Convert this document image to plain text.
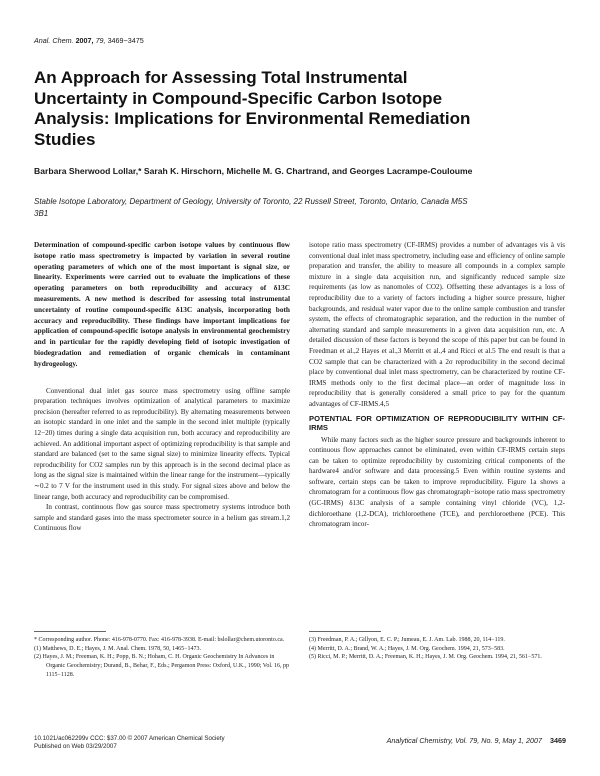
Anal. Chem. 2007, 79, 3469−3475
An Approach for Assessing Total Instrumental Uncertainty in Compound-Specific Carbon Isotope Analysis: Implications for Environmental Remediation Studies
Barbara Sherwood Lollar,* Sarah K. Hirschorn, Michelle M. G. Chartrand, and Georges Lacrampe-Couloume
Stable Isotope Laboratory, Department of Geology, University of Toronto, 22 Russell Street, Toronto, Ontario, Canada M5S 3B1

Determination of compound-specific carbon isotope values by continuous flow isotope ratio mass spectrometry is impacted by variation in several routine operating parameters of which one of the most important is signal size, or linearity. Experiments were carried out to evaluate the implications of these operating parameters on both reproducibility and accuracy of δ13C measurements. A new method is described for assessing total instrumental uncertainty of routine compound-specific δ13C analysis, incorporating both accuracy and reproducibility. These findings have important implications for application of compound-specific isotope analysis in environmental geochemistry and in particular for the rapidly developing field of isotopic investigation of biodegradation and remediation of organic chemicals in contaminant hydrogeology.

Conventional dual inlet gas source mass spectrometry using offline sample preparation techniques involves optimization of analytical parameters to maximize precision (hereafter referred to as reproducibility). By alternating measurements between an isotopic standard in one inlet and the sample in the second inlet multiple (typically 12−20) times during a single data acquisition run, both accuracy and reproducibility are achieved. An additional important aspect of optimizing reproducibility is that sample and standard are balanced (set to the same signal size) to minimize linearity effects. Typical reproducibility for CO2 samples run by this approach is in the second decimal place as long as the signal size is maintained within the linear range for the instrument—typically ∼0.2 to 7 V for the instrument used in this study. For signal sizes above and below the linear range, both accuracy and reproducibility can be compromised.

In contrast, continuous flow gas source mass spectrometry systems introduce both sample and standard gases into the mass spectrometer source in a helium gas stream.1,2 Continuous flow

isotope ratio mass spectrometry (CF-IRMS) provides a number of advantages vis à vis conventional dual inlet mass spectrometry, including ease and efficiency of online sample preparation and transfer, the ability to measure all compounds in a complex sample mixture in a single data acquisition run, and significantly reduced sample size requirements (as low as nanomoles of CO2). Offsetting these advantages is a loss of reproducibility due to a variety of factors including a higher source pressure, higher backgrounds, and residual water vapor due to the online sample combustion and transfer system, the effects of chromatographic separation, and the reduction in the number of alternating standard and sample measurements in a given data acquisition run, etc. A detailed discussion of these factors is beyond the scope of this paper but can be found in Freedman et al.,2 Hayes et al.,3 Merritt et al.,4 and Ricci et al.5 The end result is that a CO2 sample that can be characterized with a 2σ reproducibility in the second decimal place by conventional dual inlet mass spectrometry, can be characterized by routine CF-IRMS methods only to the first decimal place—an order of magnitude loss in reproducibility that is generally considered a small price to pay for the quantum advantages of CF-IRMS.4,5

POTENTIAL FOR OPTIMIZATION OF REPRODUCIBILITY WITHIN CF-IRMS

While many factors such as the higher source pressure and backgrounds inherent to continuous flow approaches cannot be eliminated, even within CF-IRMS certain steps can be taken to optimize reproducibility by customizing critical components of the hardware4 and/or software and data processing.5 Even within routine systems and software, certain steps can be taken to improve reproducibility. Figure 1a shows a chromatogram for a continuous flow gas chromatograph−isotope ratio mass spectrometry (GC-IRMS) δ13C analysis of a sample containing vinyl chloride (VC), 1,2-dichloroethane (1,2-DCA), trichloroethene (TCE), and perchloroethene (PCE). This chromatogram incor-

* Corresponding author. Phone: 416-978-0770. Fax: 416-978-3938. E-mail: bslollar@chem.utoronto.ca.

(1) Matthews, D. E.; Hayes, J. M. Anal. Chem. 1978, 50, 1465−1473.

(2) Hayes, J. M.; Freeman, K. H.; Popp, B. N.; Hoham, C. H. Organic Geochemistry In Advances in Organic Geochemistry; Durand, B., Behar, F., Eds.; Pergamon Press: Oxford, U.K., 1990; Vol. 16, pp 1115−1128.

(3) Freedman, P. A.; Gillyon, E. C. P.; Jumeau, E. J. Am. Lab. 1988, 20, 114−119.

(4) Merritt, D. A.; Brand, W. A.; Hayes, J. M. Org. Geochem. 1994, 21, 573−583.

(5) Ricci, M. P.; Merritt, D. A.; Freeman, K. H.; Hayes, J. M. Org. Geochem. 1994, 21, 561−571.

10.1021/ac062299v CCC: $37.00 © 2007 American Chemical Society
Published on Web 03/29/2007
Analytical Chemistry, Vol. 79, No. 9, May 1, 2007 3469
